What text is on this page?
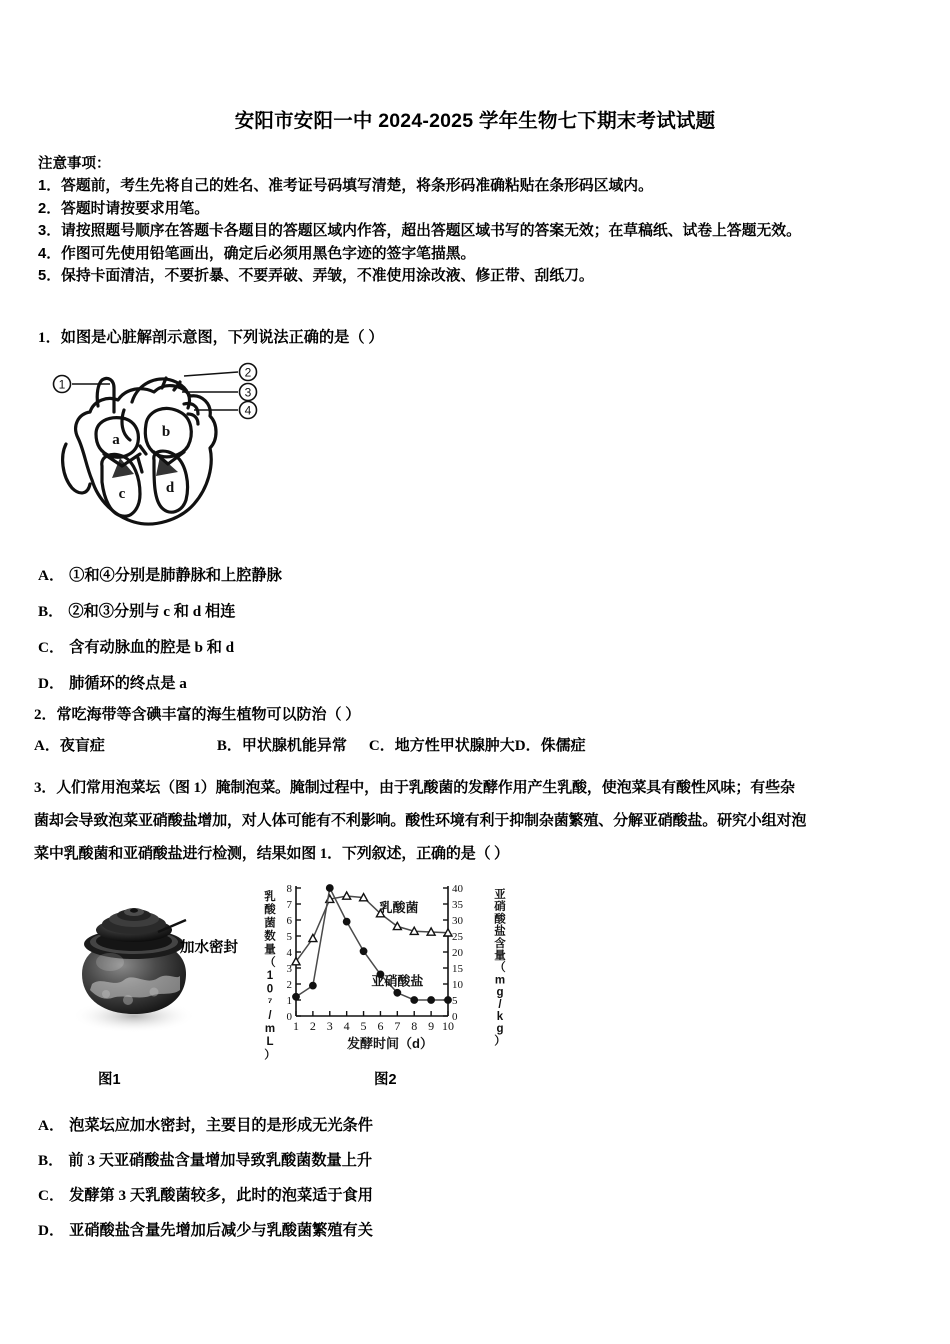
安阳市安阳一中 2024-2025 学年生物七下期末考试试题
注意事项：
1．答题前，考生先将自己的姓名、准考证号码填写清楚，将条形码准确粘贴在条形码区域内。
2．答题时请按要求用笔。
3．请按照题号顺序在答题卡各题目的答题区域内作答，超出答题区域书写的答案无效；在草稿纸、试卷上答题无效。
4．作图可先使用铅笔画出，确定后必须用黑色字迹的签字笔描黑。
5．保持卡面清洁，不要折暴、不要弄破、弄皱，不准使用涂改液、修正带、刮纸刀。
1．如图是心脏解剖示意图，下列说法正确的是（ ）
1
2
3
4
a	b
c	d
A． ①和④分别是肺静脉和上腔静脉
B． ②和③分别与 c 和 d 相连
C． 含有动脉血的腔是 b 和 d
D． 肺循环的终点是 a
2．常吃海带等含碘丰富的海生植物可以防治（ ）
A．夜盲症	B．甲状腺机能异常 C．地方性甲状腺肿大D．侏儒症

3．人们常用泡菜坛（图 1）腌制泡菜。腌制过程中，由于乳酸菌的发酵作用产生乳酸，使泡菜具有酸性风味；有些杂

菌却会导致泡菜亚硝酸盐增加，对人体可能有不利影响。酸性环境有利于抑制杂菌繁殖、分解亚硝酸盐。研究小组对泡

菜中乳酸菌和亚硝酸盐进行检测，结果如图 1．下列叙述，正确的是（ ）

加水密封
0
1
2
3
4
5
6
7
8
0
5
10
15
20
25
30
35
40
1 2 3 4 5 6 7 8 9 10
乳酸菌
亚硝酸盐
发酵时间（d）
乳
酸
菌
数
量
（
1
0
⁷
/
m
L
）
亚
硝
酸
盐
含
量
（
m
g
/
k
g
）
图1	图2
A． 泡菜坛应加水密封，主要目的是形成无光条件
B． 前 3 天亚硝酸盐含量增加导致乳酸菌数量上升
C． 发酵第 3 天乳酸菌较多，此时的泡菜适于食用
D． 亚硝酸盐含量先增加后减少与乳酸菌繁殖有关
